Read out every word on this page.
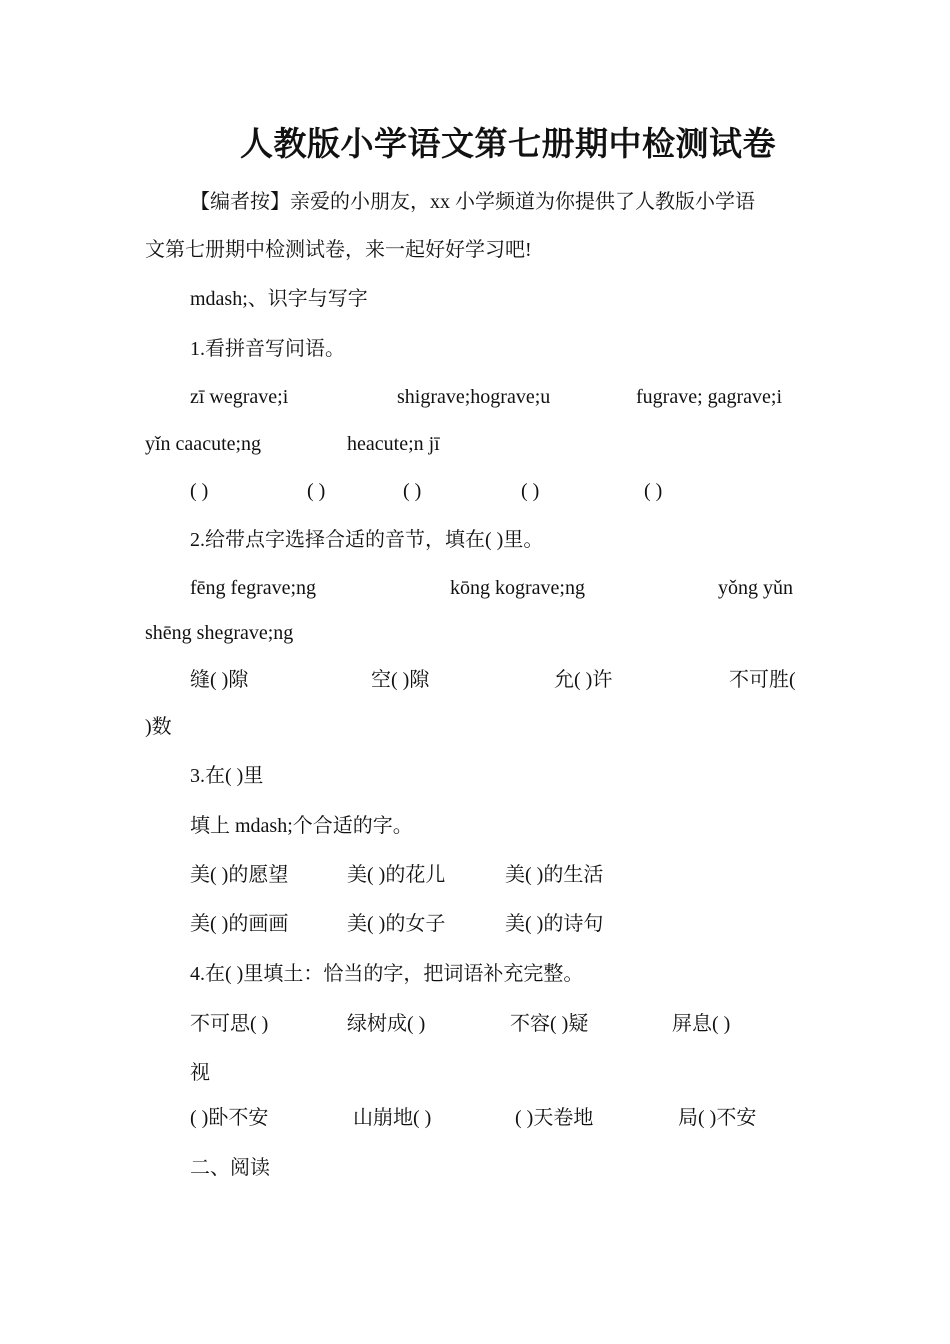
人教版小学语文第七册期中检测试卷
【编者按】亲爱的小朋友，xx 小学频道为你提供了人教版小学语
文第七册期中检测试卷，来一起好好学习吧!
mdash;、识字与写字
1.看拼音写问语。
zī wegrave;i	shigrave;hograve;u	fugrave; gagrave;i
yǐn caacute;ng	heacute;n jī
( )	( )	( )	( )	( )
2.给带点字选择合适的音节，填在( )里。
fēng fegrave;ng	kōng kograve;ng	yǒng yǔn
shēng shegrave;ng
缝( )隙	空( )隙	允( )许	不可胜(
)数
3.在( )里
填上 mdash;个合适的字。
美( )的愿望	美( )的花儿	美( )的生活
美( )的画画	美( )的女子	美( )的诗句
4.在( )里填土：恰当的字，把词语补充完整。
不可思( )	绿树成( )	不容( )疑	屏息( )
视
( )卧不安	山崩地( )	( )天卷地	局( )不安
二、阅读
